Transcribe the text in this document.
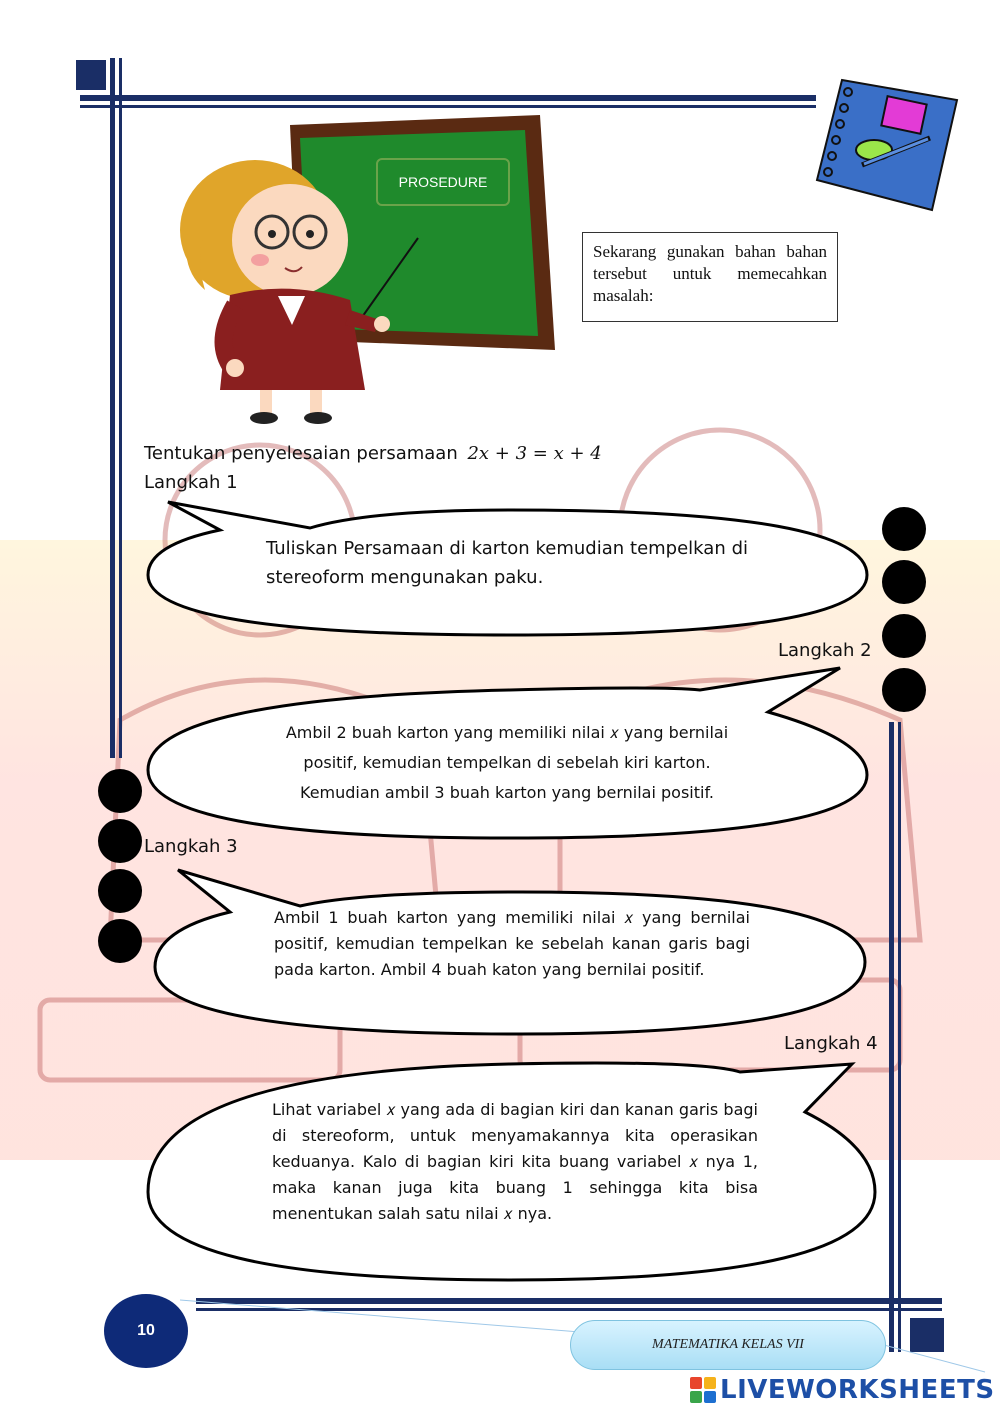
PROSEDURE
Sekarang gunakan bahan bahan tersebut untuk memecahkan masalah:
Tentukan penyelesaian persamaan 2𝑥 + 3 = 𝑥 + 4
Langkah 1
Tuliskan Persamaan di karton kemudian tempelkan di stereoform mengunakan paku.
Langkah 2
Ambil 2 buah karton yang memiliki nilai 𝑥 yang bernilai positif, kemudian tempelkan di sebelah kiri karton. Kemudian ambil 3 buah karton yang bernilai positif.
Langkah 3
Ambil 1 buah karton yang memiliki nilai 𝑥 yang bernilai positif, kemudian tempelkan ke sebelah kanan garis bagi pada karton. Ambil 4 buah katon yang bernilai positif.
Langkah 4
Lihat variabel 𝑥 yang ada di bagian kiri dan kanan garis bagi di stereoform, untuk menyamakannya kita operasikan keduanya. Kalo di bagian kiri kita buang variabel 𝑥 nya 1, maka kanan juga kita buang 1 sehingga kita bisa menentukan salah satu nilai 𝑥 nya.
10
MATEMATIKA KELAS VII
LIVEWORKSHEETS
